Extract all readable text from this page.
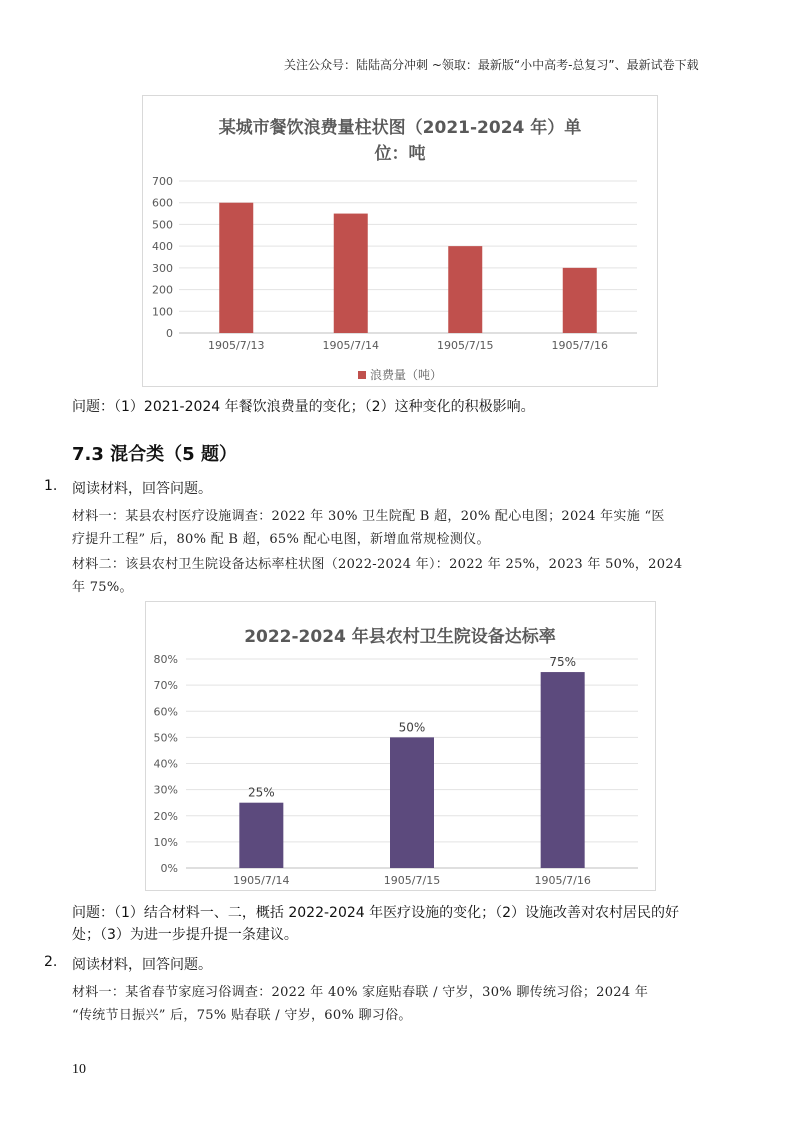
关注公众号：陆陆高分冲刺 ~领取：最新版“小中高考-总复习”、最新试卷下载
某城市餐饮浪费量柱状图（2021-2024 年）单
位：吨
0
100
200
300
400
500
600
700
1905/7/13	1905/7/14	1905/7/15	1905/7/16
浪费量（吨）
问题：（1）2021-2024 年餐饮浪费量的变化；（2）这种变化的积极影响。
7.3 混合类（5 题）
1. 阅读材料，回答问题。
材料一：某县农村医疗设施调查：2022 年 30% 卫生院配 B 超，20% 配心电图；2024 年实施 “医
疗提升工程” 后，80% 配 B 超，65% 配心电图，新增血常规检测仪。
材料二：该县农村卫生院设备达标率柱状图（2022-2024 年）：2022 年 25%，2023 年 50%，2024
年 75%。
2022-2024 年县农村卫生院设备达标率
0%
10%
20%
30%
40%
50%
60%
70%
80%
25%
50%
75%
1905/7/14	1905/7/15	1905/7/16
问题：（1）结合材料一、二，概括 2022-2024 年医疗设施的变化；（2）设施改善对农村居民的好
处；（3）为进一步提升提一条建议。
2. 阅读材料，回答问题。
材料一：某省春节家庭习俗调查：2022 年 40% 家庭贴春联 / 守岁，30% 聊传统习俗；2024 年
“传统节日振兴” 后，75% 贴春联 / 守岁，60% 聊习俗。
10
